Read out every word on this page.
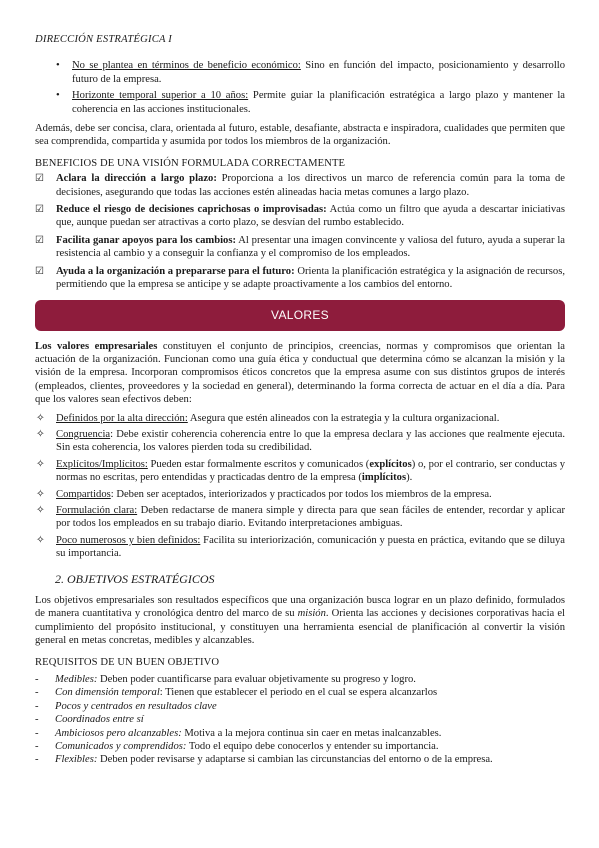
DIRECCIÓN ESTRATÉGICA I
• No se plantea en términos de beneficio económico: Sino en función del impacto, posicionamiento y desarrollo futuro de la empresa.
• Horizonte temporal superior a 10 años: Permite guiar la planificación estratégica a largo plazo y mantener la coherencia en las acciones institucionales.

Además, debe ser concisa, clara, orientada al futuro, estable, desafiante, abstracta e inspiradora, cualidades que permiten que sea comprendida, compartida y asumida por todos los miembros de la organización.

BENEFICIOS DE UNA VISIÓN FORMULADA CORRECTAMENTE
☑ Aclara la dirección a largo plazo: Proporciona a los directivos un marco de referencia común para la toma de decisiones, asegurando que todas las acciones estén alineadas hacia metas comunes a largo plazo.
☑ Reduce el riesgo de decisiones caprichosas o improvisadas: Actúa como un filtro que ayuda a descartar iniciativas que, aunque puedan ser atractivas a corto plazo, se desvían del rumbo establecido.
☑ Facilita ganar apoyos para los cambios: Al presentar una imagen convincente y valiosa del futuro, ayuda a superar la resistencia al cambio y a conseguir la confianza y el compromiso de los empleados.
☑ Ayuda a la organización a prepararse para el futuro: Orienta la planificación estratégica y la asignación de recursos, permitiendo que la empresa se anticipe y se adapte proactivamente a los cambios del entorno.
VALORES

Los valores empresariales constituyen el conjunto de principios, creencias, normas y compromisos que orientan la actuación de la organización. Funcionan como una guía ética y conductual que determina cómo se alcanzan la misión y la visión de la empresa. Incorporan compromisos éticos concretos que la empresa asume con sus distintos grupos de interés (empleados, clientes, proveedores y la sociedad en general), determinando la forma correcta de actuar en el día a día. Para que los valores sean efectivos deben:

✧ Definidos por la alta dirección: Asegura que estén alineados con la estrategia y la cultura organizacional.
✧ Congruencia: Debe existir coherencia coherencia entre lo que la empresa declara y las acciones que realmente ejecuta. Sin esta coherencia, los valores pierden toda su credibilidad.
✧ Explícitos/Implícitos: Pueden estar formalmente escritos y comunicados (explícitos) o, por el contrario, ser conductas y normas no escritas, pero entendidas y practicadas dentro de la empresa (implícitos).
✧ Compartidos: Deben ser aceptados, interiorizados y practicados por todos los miembros de la empresa.
✧ Formulación clara: Deben redactarse de manera simple y directa para que sean fáciles de entender, recordar y aplicar por todos los empleados en su trabajo diario. Evitando interpretaciones ambiguas.
✧ Poco numerosos y bien definidos: Facilita su interiorización, comunicación y puesta en práctica, evitando que se diluya su importancia.
2. OBJETIVOS ESTRATÉGICOS

Los objetivos empresariales son resultados específicos que una organización busca lograr en un plazo definido, formulados de manera cuantitativa y cronológica dentro del marco de su misión. Orienta las acciones y decisiones corporativas hacia el cumplimiento del propósito institucional, y constituyen una herramienta esencial de planificación al convertir la visión general en metas concretas, medibles y alcanzables.

REQUISITOS DE UN BUEN OBJETIVO
- Medibles: Deben poder cuantificarse para evaluar objetivamente su progreso y logro.
- Con dimensión temporal: Tienen que establecer el periodo en el cual se espera alcanzarlos
- Pocos y centrados en resultados clave
- Coordinados entre sí
- Ambiciosos pero alcanzables: Motiva a la mejora continua sin caer en metas inalcanzables.
- Comunicados y comprendidos: Todo el equipo debe conocerlos y entender su importancia.
- Flexibles: Deben poder revisarse y adaptarse si cambian las circunstancias del entorno o de la empresa.
